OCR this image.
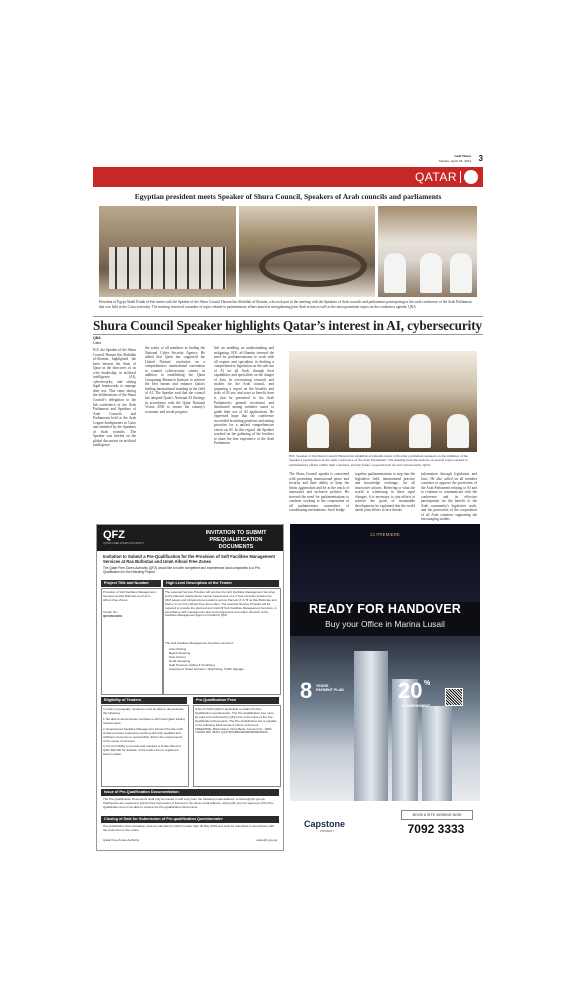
Gulf Times
Sunday, April 28, 2024 3
QATAR
Egyptian president meets Speaker of Shura Council, Speakers of Arab councils and parliaments
President of Egypt Abdel Fattah al-Sisi meets with the Speaker of the Shura Council Hassan bin Abdullah al-Ghanim, who took part in the meeting with the Speakers of Arab councils and parliaments participating in the sixth conference of the Arab Parliament that was held at the Cairo yesterday. The meeting reviewed a number of topics related to parliamentary affairs aimed at strengthening joint Arab action as well as the most prominent topics on the conference agenda. QNA
Shura Council Speaker highlights Qatar’s interest in AI, cybersecurity
QNA
Cairo
H.E. the Speaker of the Shura Council Hassan bin Abdullah al-Ghanim highlighted the keen interest the State of Qatar in the directives of its wise leadership, in artificial intelligence (AI), cybersecurity, and setting legal frameworks to manage their use. This came during the deliberations of the Shura Council's delegation to the 6th conference of the Arab Parliament and Speakers of Arab Councils and Parliaments held at the Arab League headquarters in Cairo and attended by the Speakers of Arab councils. The Speaker was briefed on the global discussion on artificial intelligence.
the safety of all members in finding the National Cyber Security Agency. He added that Qatar has supported the United Nations' resolution on a comprehensive international convention to counter cybersecurity crimes, in addition to establishing the Qatar Computing Research Institute to achieve the best means and enhance Qatar's leading international standing in the field of AI. The Speaker said that the council has adopted Qatar's National AI Strategy in accordance with the Qatar National Vision 2030 to ensure the country's economic and social progress.
lish an enabling an understanding and mitigating. H.E. al-Ghanim stressed the need for parliamentarians to work with all experts and specialists in drafting a comprehensive legislation on the safe use of AI for all Arab, through their capabilities and specialties on the danger of data. In overcoming research and studies for the Arab council, and preparing a report on the benefits and risks of AI use, and ways to benefit from it, that be presented to the Arab Parliament's general secretariat and distributed among member states to guide their use of AI applications. He expressed hope that the conference succeeded in uniting positions and setting priorities for a unified comprehensive vision on AI. In this regard, the Speaker touched on the gathering of the brothers to share the fine experience of the Arab Parliament.
H.E. Speaker of the Shura Council Hassan bin Abdullah al-Ghanim meets with other parliament speakers on the sidelines of the Speaker's participation in the sixth conference of the Arab Parliament. The meeting held discussions on several topics related to parliamentary affairs within their countries, and the future cooperation in AI and cybersecurity. QNA
The Shura Council agenda is concerned with promoting international peace and security and their ability to keep the limits aggravation and be at the reach of innovative and inclusive policies. He stressed the need for parliamentarians to continue working to the cooperation of all parliamentary committees of coordinating mechanisms. Such bridge
together parliamentarians to step into the legislative field, international practice and knowledge exchange, for all innovative actions. Referring to what the world is witnessing in these rapid changes, it is necessary to join efforts to achieve the goals of sustainable development; he explained that the world needs joint efforts to face threats
information through legislation and laws. He also called on all member countries to approve the provisions of the Arab Parliament relating to AI and to continue to communicate with the conference and its effective participation for the benefit of the Arab community's legislative work, and the promotion of the cooperation of all Arab countries supporting the encouraging studies.
QFZ
QATAR FREE ZONES AUTHORITY
INVITATION TO SUBMIT PREQUALIFICATION DOCUMENTS
Invitation to Submit a Pre-Qualification for the Provision of Soft Facilities Management Services at Ras Bufontas and Umm Alhoul Free Zones
The Qatar Free Zones Authority (QFZ) would like to invite competent and experienced local companies to a Pre-Qualification for the following Project:
Project Title and Number	High Level Description of the Tender
Provision of Soft Facilities Management Services at Ras Bufontas and Umm Alhoul Free Zones
Tender No:
QFZ/2024/001
The selected Service Provider will provide the Soft Facilities Management Services at the planned maintenance routine frequencies of a 3 Year Contract duration for QFZ assets and infrastructure locations across Parcels 'A' & 'B' at Ras Bufontas and Parcel 'A' at Umm Alhoul Free Zone sites. The selected Service Provider will be required to provide the planned and Call-Off Soft Facilities Management Services, in accordance with management plan and programme and under direction of the Facilities Management Agent on behalf of QFZ.
The Soft Facilities Management Services consist of:
Litter Picking
Beach Cleaning
Pest Control
Road Sweeping
High Pressure Jetting & Scrubbing
Cleaning of Street Furniture, Wayfinding, Traffic Signage
Eligibility of Tenders	Pre-Qualification Fees
In order to prequalify, tenderers must be able to demonstrate the following:
1. Be able to demonstrate compliance with local Qatar trading requirements.
2. Experienced Facilities Management Service Provider with similar previous experience working with fully qualified and sufficient resources to successfully deliver the requirements of the scope of services.
3. Proof of ability to provide and maintain a Tender Bond of QAR 300,000 for duration of the tender from a registered bank in Qatar.
A fee of 2,000 QAR is applicable to obtain the Pre-Qualification questionnaire. The Pre-Qualification Fee must be paid and confirmed by QFZ prior to the issue of the Pre-Qualification Documents. The Pre-Qualification fee is payable to the following bank account: Name of Account: FREEZONE, Bank Name: Doha Bank, Account No.: 0000 710000 000, IBAN: QA47DOHB000000000000000000
Issue of Pre-Qualification Documentation:
The Pre-Qualification Documents shall only be issued in soft copy from the following email address: contracts@qfz.gov.qa. Participants are required to submit their expression of interest to the same email address, along with proof of payment of the Pre-Qualification Fee to be able to receive the Pre-Qualification Documents.
Closing of Date for Submission of Pre-qualification Questionnaire
Pre-qualification documentation must be submitted to QFZ not later than 09 May 2024 and must be submitted in accordance with the instruction in the notice.
Qatar Free Zones Authority	www.qfz.gov.qa
21 PREMIERE
READY FOR HANDOVER
Buy your Office in Marina Lusail
8 YEARS PAYMENT PLAN 20 %
DOWNPAYMENT
Capstone
PROPERTY
BOOK A SITE VIEWING NOW
7092 3333
